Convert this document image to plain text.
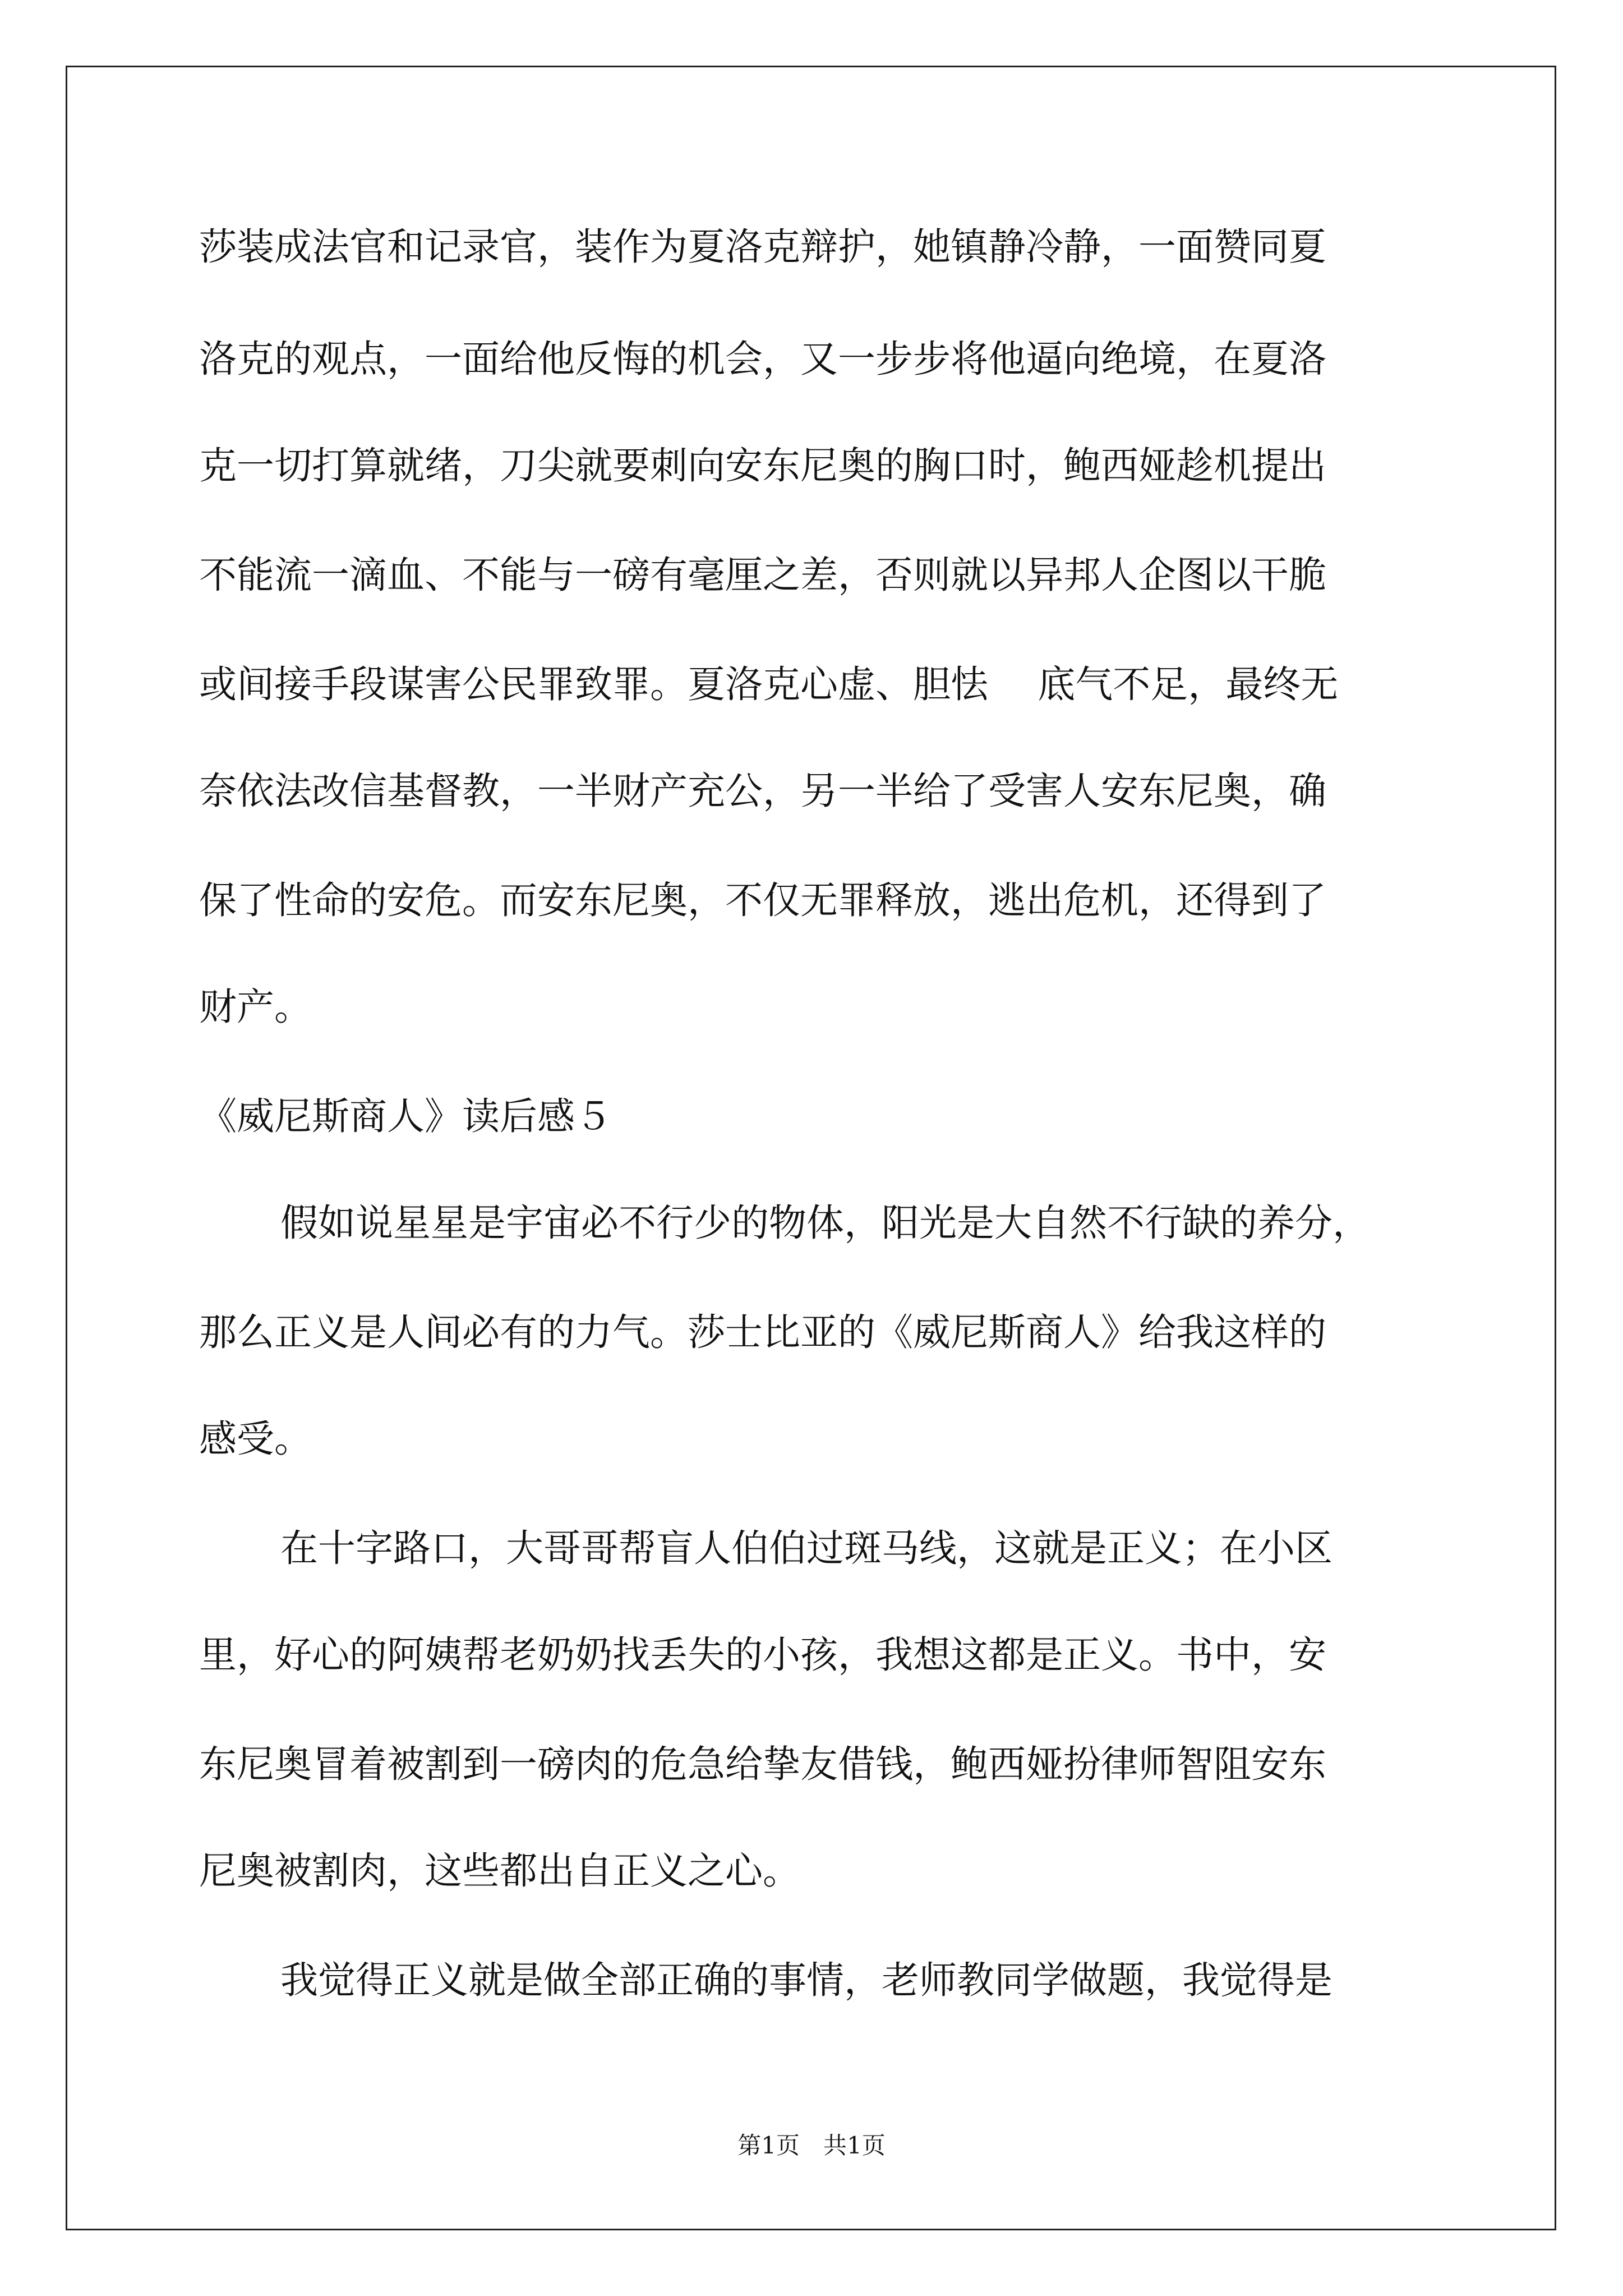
莎装成法官和记录官，装作为夏洛克辩护，她镇静冷静，一面赞同夏
洛克的观点，一面给他反悔的机会，又一步步将他逼向绝境，在夏洛
克一切打算就绪，刀尖就要刺向安东尼奥的胸口时，鲍西娅趁机提出
不能流一滴血、不能与一磅有毫厘之差，否则就以异邦人企图以干脆
或间接手段谋害公民罪致罪。夏洛克心虚、胆怯　 底气不足，最终无
奈依法改信基督教，一半财产充公，另一半给了受害人安东尼奥，确
保了性命的安危。而安东尼奥，不仅无罪释放，逃出危机，还得到了
财产。
《威尼斯商人》读后感５
假如说星星是宇宙必不行少的物体，阳光是大自然不行缺的养分，
那么正义是人间必有的力气。莎士比亚的《威尼斯商人》给我这样的
感受。
在十字路口，大哥哥帮盲人伯伯过斑马线，这就是正义；在小区
里，好心的阿姨帮老奶奶找丢失的小孩，我想这都是正义。书中，安
东尼奥冒着被割到一磅肉的危急给挚友借钱，鲍西娅扮律师智阻安东
尼奥被割肉，这些都出自正义之心。
我觉得正义就是做全部正确的事情，老师教同学做题，我觉得是
第1页　共1页
